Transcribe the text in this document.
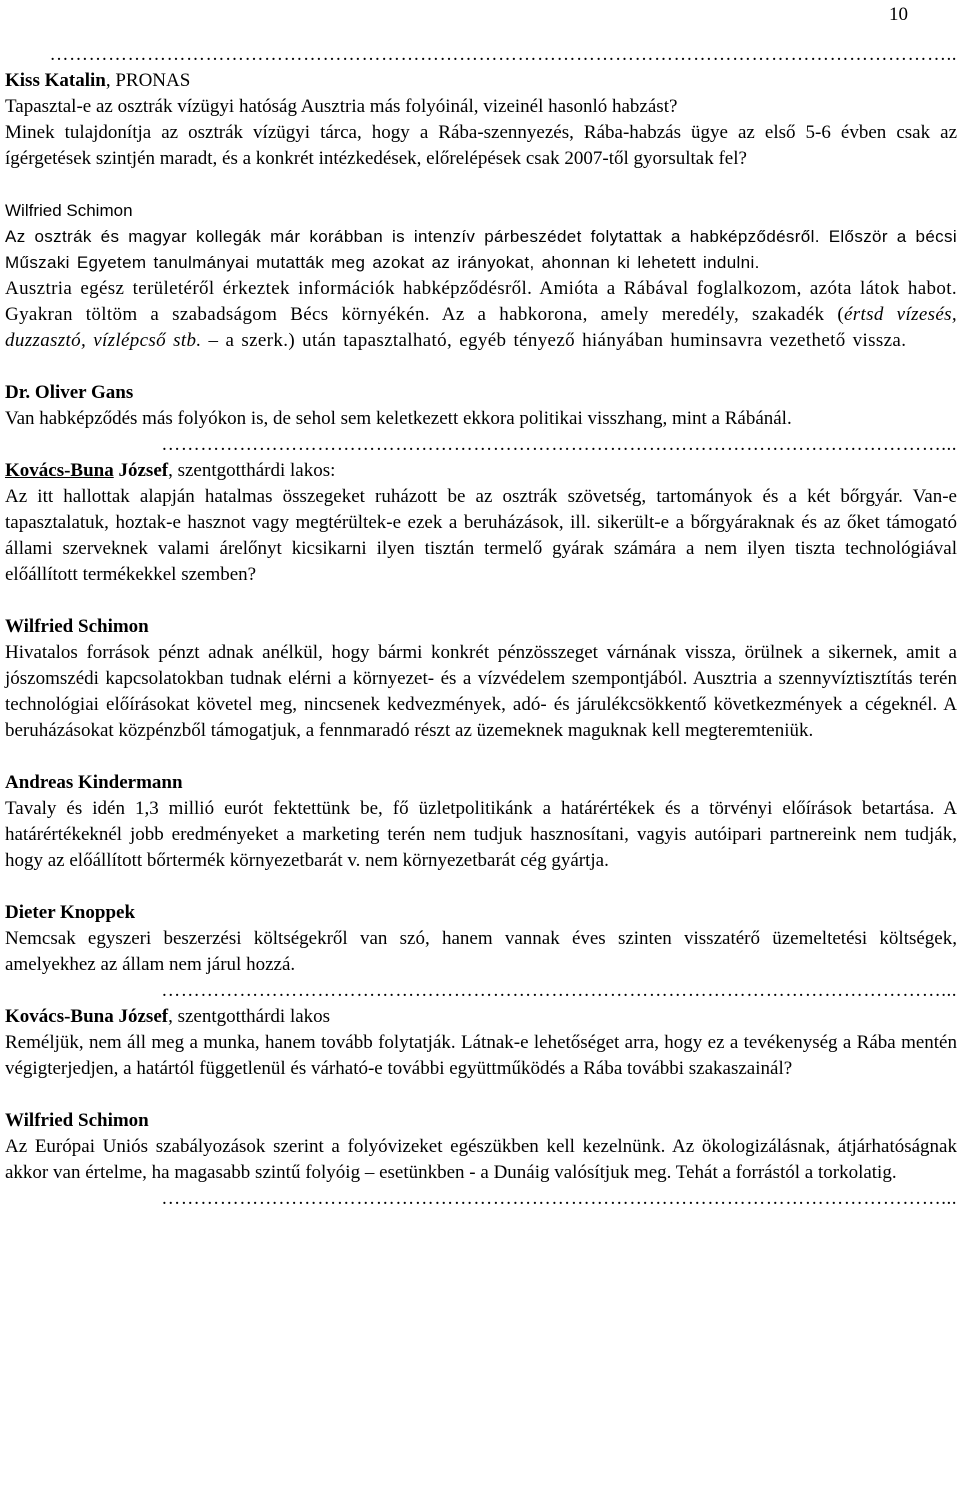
10
…………………………………………………………………………………………………………………………..
Kiss Katalin, PRONAS
Tapasztal-e az osztrák vízügyi hatóság Ausztria más folyóinál, vizeinél hasonló habzást?
Minek tulajdonítja az osztrák vízügyi tárca, hogy a Rába-szennyezés, Rába-habzás ügye az első 5-6 évben csak az ígérgetések szintjén maradt, és a konkrét intézkedések, előrelépések csak 2007-től gyorsultak fel?
Wilfried Schimon
Az osztrák és magyar kollegák már korábban is intenzív párbeszédet folytattak a habképződésről. Először a bécsi Műszaki Egyetem tanulmányai mutatták meg azokat az irányokat, ahonnan ki lehetett indulni.
Ausztria egész területéről érkeztek információk habképződésről. Amióta a Rábával foglalkozom, azóta látok habot. Gyakran töltöm a szabadságom Bécs környékén. Az a habkorona, amely meredély, szakadék (értsd vízesés, duzzasztó, vízlépcső stb. – a szerk.) után tapasztalható, egyéb tényező hiányában huminsavra vezethető vissza.
Dr. Oliver Gans
Van habképződés más folyókon is, de sehol sem keletkezett ekkora politikai visszhang, mint a Rábánál.
…………………………………………………………………………………………………………...
Kovács-Buna József, szentgotthárdi lakos:
Az itt hallottak alapján hatalmas összegeket ruházott be az osztrák szövetség, tartományok és a két bőrgyár. Van-e tapasztalatuk, hoztak-e hasznot vagy megtérültek-e ezek a beruházások, ill. sikerült-e a bőrgyáraknak és az őket támogató állami szerveknek valami árelőnyt kicsikarni ilyen tisztán termelő gyárak számára a nem ilyen tiszta technológiával előállított termékekkel szemben?
Wilfried Schimon
Hivatalos források pénzt adnak anélkül, hogy bármi konkrét pénzösszeget várnának vissza, örülnek a sikernek, amit a jószomszédi kapcsolatokban tudnak elérni a környezet- és a vízvédelem szempontjából. Ausztria a szennyvíztisztítás terén technológiai előírásokat követel meg, nincsenek kedvezmények, adó- és járulékcsökkentő következmények a cégeknél. A beruházásokat közpénzből támogatjuk, a fennmaradó részt az üzemeknek maguknak kell megteremteniük.
Andreas Kindermann
Tavaly és idén 1,3 millió eurót fektettünk be, fő üzletpolitikánk a határértékek és a törvényi előírások betartása. A határértékeknél jobb eredményeket a marketing terén nem tudjuk hasznosítani, vagyis autóipari partnereink nem tudják, hogy az előállított bőrtermék környezetbarát v. nem környezetbarát cég gyártja.
Dieter Knoppek
Nemcsak egyszeri beszerzési költségekről van szó, hanem vannak éves szinten visszatérő üzemeltetési költségek, amelyekhez az állam nem járul hozzá.
…………………………………………………………………………………………………………...
Kovács-Buna József, szentgotthárdi lakos
Reméljük, nem áll meg a munka, hanem tovább folytatják. Látnak-e lehetőséget arra, hogy ez a tevékenység a Rába mentén végigterjedjen, a határtól függetlenül és várható-e további együttműködés a Rába további szakaszainál?
Wilfried Schimon
Az Európai Uniós szabályozások szerint a folyóvizeket egészükben kell kezelnünk. Az ökologizálásnak, átjárhatóságnak akkor van értelme, ha magasabb szintű folyóig – esetünkben - a Dunáig valósítjuk meg. Tehát a forrástól a torkolatig.
…………………………………………………………………………………………………………...
